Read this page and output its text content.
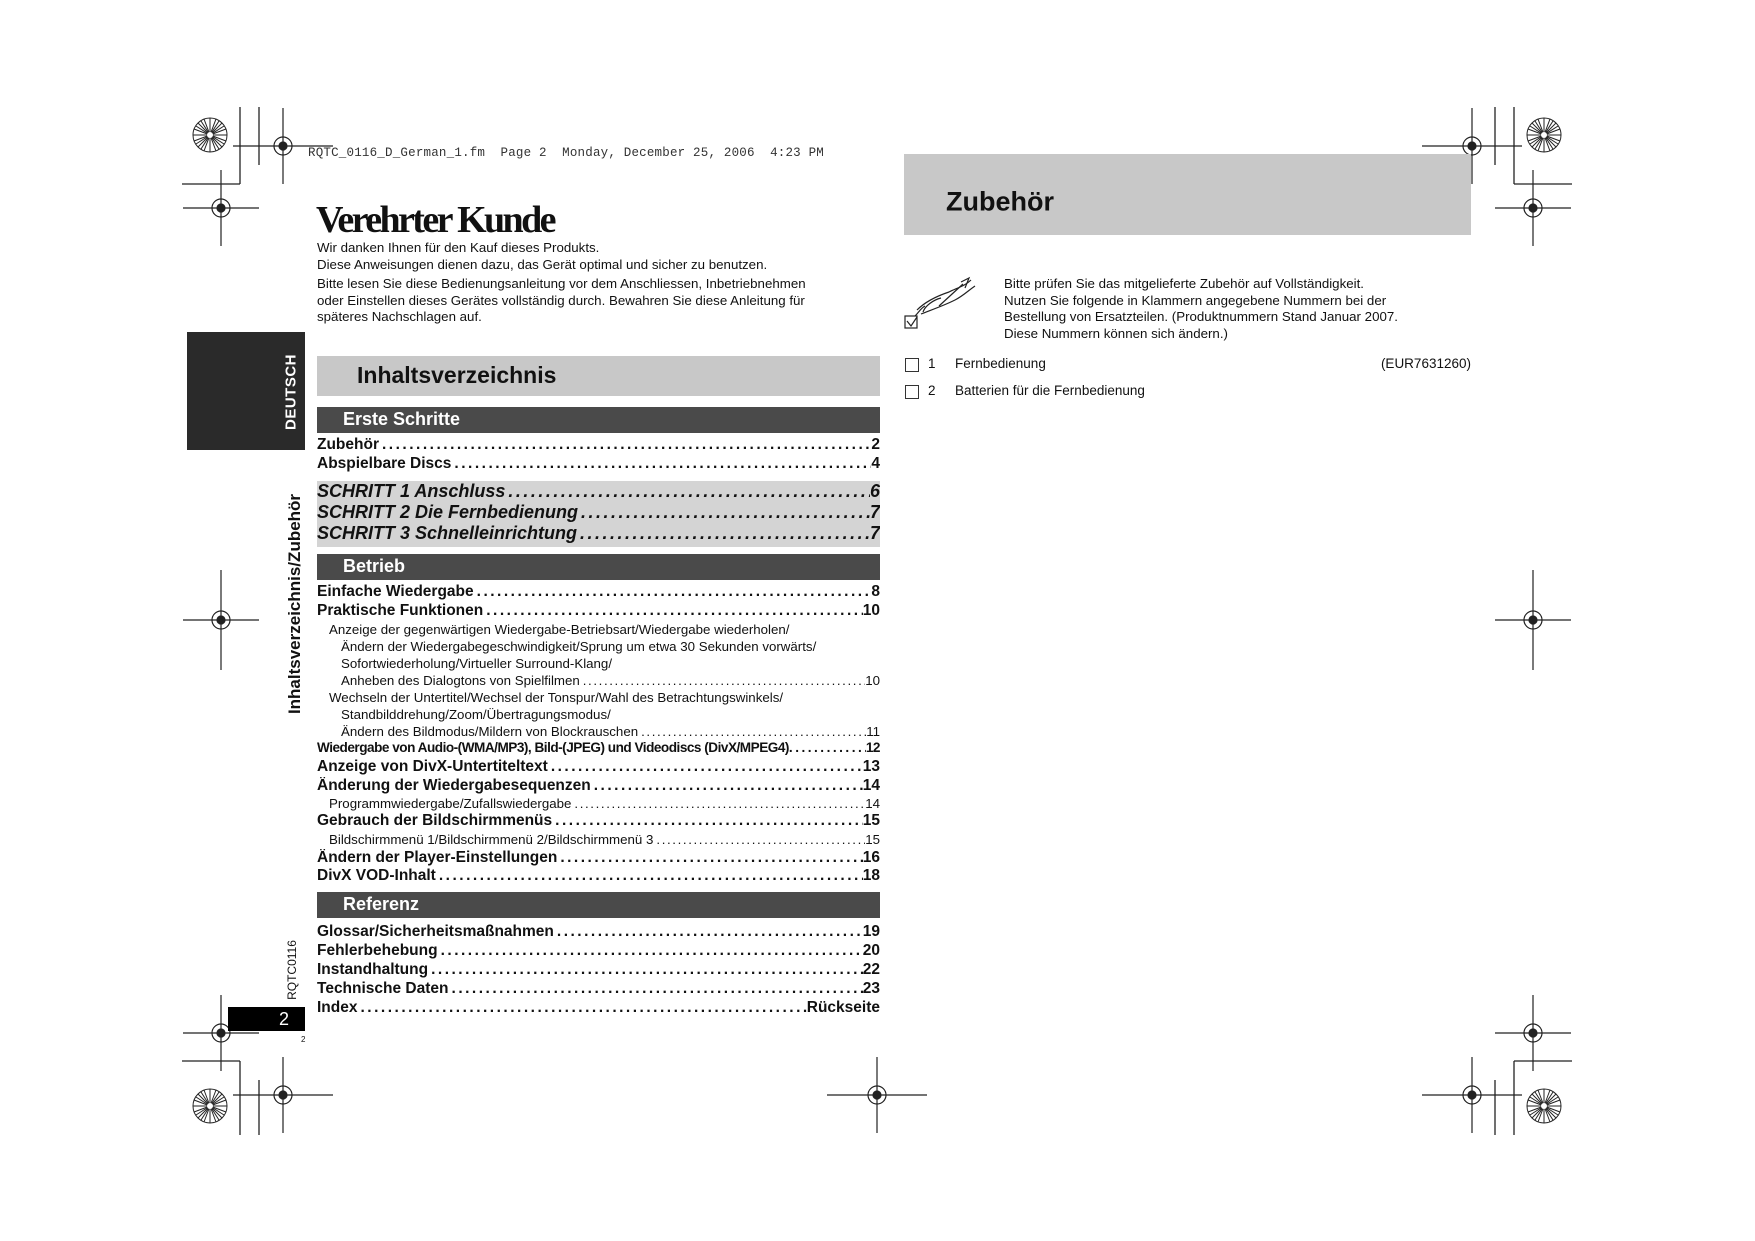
RQTC_0116_D_German_1.fm  Page 2  Monday, December 25, 2006  4:23 PM
DEUTSCH
Inhaltsverzeichnis/Zubehör
RQTC0116
2
2
Verehrter Kunde

Wir danken Ihnen für den Kauf dieses Produkts.
Diese Anweisungen dienen dazu, das Gerät optimal und sicher zu benutzen.

Bitte lesen Sie diese Bedienungsanleitung vor dem Anschliessen, Inbetriebnehmen
oder Einstellen dieses Gerätes vollständig durch. Bewahren Sie diese Anleitung für
späteres Nachschlagen auf.

Inhaltsverzeichnis
Erste Schritte
Zubehör .....	2
Abspielbare Discs .....	4
SCHRITT 1 Anschluss .....	6
SCHRITT 2 Die Fernbedienung .....	7
SCHRITT 3 Schnelleinrichtung .....	7
Betrieb
Einfache Wiedergabe .....	8
Praktische Funktionen .....	10
Anzeige der gegenwärtigen Wiedergabe-Betriebsart/Wiedergabe wiederholen/
Ändern der Wiedergabegeschwindigkeit/Sprung um etwa 30 Sekunden vorwärts/
Sofortwiederholung/Virtueller Surround-Klang/
Anheben des Dialogtons von Spielfilmen .....	10
Wechseln der Untertitel/Wechsel der Tonspur/Wahl des Betrachtungswinkels/
Standbilddrehung/Zoom/Übertragungsmodus/
Ändern des Bildmodus/Mildern von Blockrauschen .....	11
Wiedergabe von Audio-(WMA/MP3), Bild-(JPEG) und Videodiscs (DivX/MPEG4). .....	12
Anzeige von DivX-Untertiteltext .....	13
Änderung der Wiedergabesequenzen .....	14
Programmwiedergabe/Zufallswiedergabe .....	14
Gebrauch der Bildschirmmenüs .....	15
Bildschirmmenü 1/Bildschirmmenü 2/Bildschirmmenü 3 .....	15
Ändern der Player-Einstellungen .....	16
DivX VOD-Inhalt .....	18
Referenz
Glossar/Sicherheitsmaßnahmen .....	19
Fehlerbehebung .....	20
Instandhaltung .....	22
Technische Daten .....	23
Index .....	Rückseite
Zubehör
Bitte prüfen Sie das mitgelieferte Zubehör auf Vollständigkeit.
Nutzen Sie folgende in Klammern angegebene Nummern bei der
Bestellung von Ersatzteilen. (Produktnummern Stand Januar 2007.
Diese Nummern können sich ändern.)
1 Fernbedienung	(EUR7631260)
2 Batterien für die Fernbedienung
